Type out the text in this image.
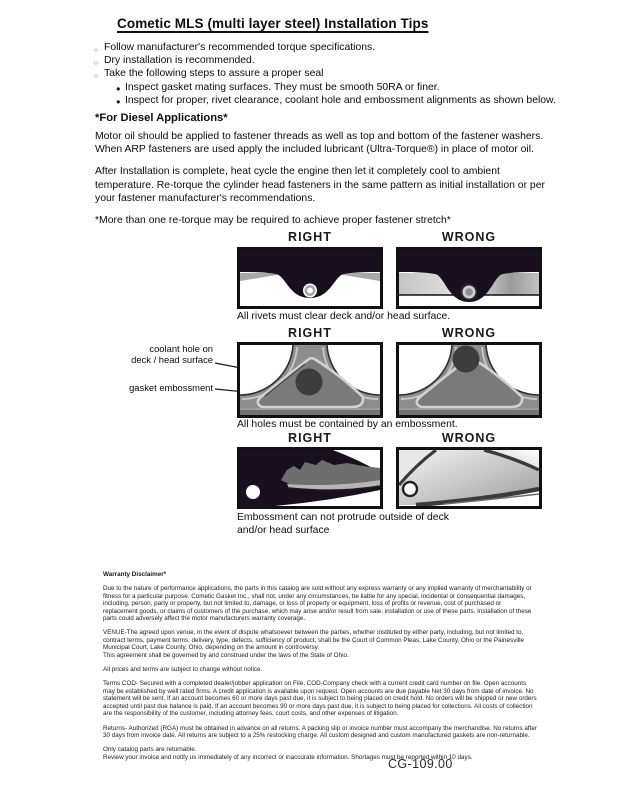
Cometic MLS (multi layer steel) Installation Tips
○ Follow manufacturer's recommended torque specifications.
○ Dry installation is recommended.
○ Take the following steps to assure a proper seal
● Inspect gasket mating surfaces. They must be smooth 50RA or finer.
● Inspect for proper, rivet clearance, coolant hole and embossment alignments as shown below.
*For Diesel Applications*

Motor oil should be applied to fastener threads as well as top and bottom of the fastener washers. When ARP fasteners are used apply the included lubricant (Ultra-Torque®) in place of motor oil.

After Installation is complete, heat cycle the engine then let it completely cool to ambient temperature. Re-torque the cylinder head fasteners in the same pattern as initial installation or per your fastener manufacturer's recommendations.

*More than one re-torque may be required to achieve proper fastener stretch*

RIGHT	WRONG
All rivets must clear deck and/or head surface.
RIGHT	WRONG
coolant hole on
deck / head surface
gasket embossment
All holes must be contained by an embossment.
RIGHT	WRONG
Embossment can not protrude outside of deck
and/or head surface
Warranty Disclaimer*

Due to the nature of performance applications, the parts in this catalog are sold without any express warranty or any implied warranty of merchantability or fitness for a particular purpose. Cometic Gasket Inc., shall not, under any circumstances, be liable for any special, incidental or consequential damages, including, person, party or property, but not limited to, damage, or loss of property or equipment, loss of profits or revenue, cost of purchased or replacement goods, or claims of customers of the purchase, which may arise and/or result from sale, installation or use of these parts. Installation of these parts could adversely affect the motor manufacturers warranty coverage.

VENUE-The agreed upon venue, in the event of dispute whatsoever between the parties, whether instituted by either party, including, but not limited to, contract terms, payment terms, delivery, type, defects, sufficiency of product, shall be the Court of Common Pleas, Lake County, Ohio or the Painesville Municipal Court, Lake County, Ohio, depending on the amount in controversy.
This agreement shall be governed by and construed under the laws of the State of Ohio.

All prices and terms are subject to change without notice.

Terms COD- Secured with a completed dealer/jobber application on File, COD-Company check with a current credit card number on file. Open accounts may be established by well rated firms. A credit application is available upon request. Open accounts are due payable Net 30 days from date of invoice. No statement will be sent. If an account becomes 60 or more days past due, it is subject to being placed on credit hold. No orders will be shipped or new orders accepted until past due balance is paid. If an account becomes 90 or more days past due, it is subject to being placed for collections. All costs of collection are the responsibility of the customer, including attorney fees, court costs, and other expenses of litigation.

Returns- Authorized (RGA) must be obtained in advance on all returns. A packing slip or invoice number must accompany the merchandise. No returns after 30 days from invoice date. All returns are subject to a 25% restocking charge. All custom designed and custom manufactured gaskets are non-returnable.

Only catalog parts are returnable.
Review your invoice and notify us immediately of any incorrect or inaccurate information. Shortages must be reported within 10 days.

CG-109.00
